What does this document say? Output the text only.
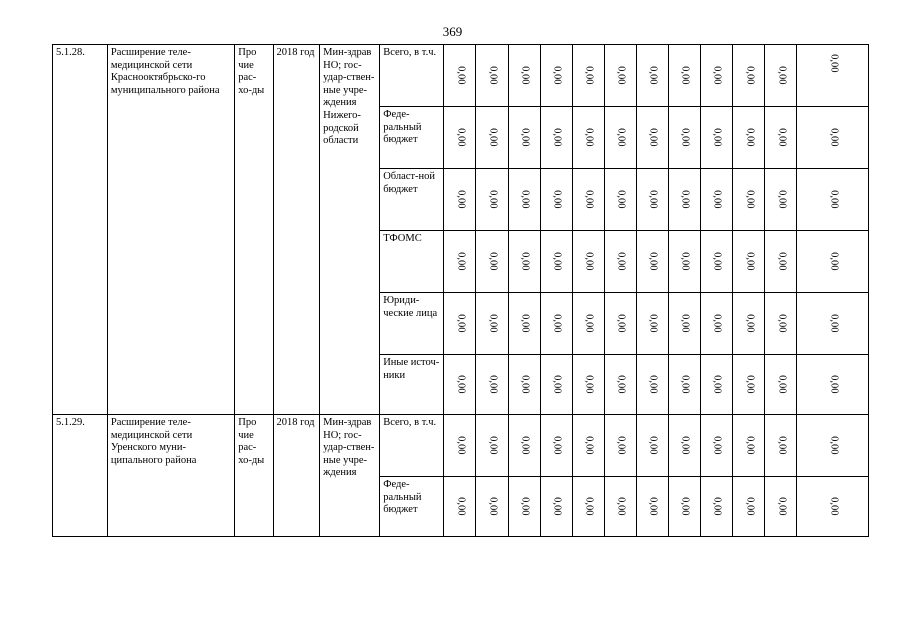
369
5.1.28.	Расширение теле-медицинской сети Краснооктябрьско-го муниципального района	Про чие рас-хо-ды	2018 год	Мин-здрав НО; гос-удар-ствен-ные учре-ждения Нижего-родской области	Всего, в т.ч.	0,00	0,00	0,00	0,00	0,00	0,00	0,00	0,00	0,00	0,00	0,00	0,00

					Феде-ральный бюджет	0,00	0,00	0,00	0,00	0,00	0,00	0,00	0,00	0,00	0,00	0,00	0,00

					Област-ной бюджет	0,00	0,00	0,00	0,00	0,00	0,00	0,00	0,00	0,00	0,00	0,00	0,00

					ТФОМС	0,00	0,00	0,00	0,00	0,00	0,00	0,00	0,00	0,00	0,00	0,00	0,00

					Юриди-ческие лица	0,00	0,00	0,00	0,00	0,00	0,00	0,00	0,00	0,00	0,00	0,00	0,00

					Иные источ-ники	0,00	0,00	0,00	0,00	0,00	0,00	0,00	0,00	0,00	0,00	0,00	0,00

5.1.29.	Расширение теле-медицинской сети Уренского муни-ципального района	Про чие рас-хо-ды	2018 год	Мин-здрав НО; гос-удар-ствен-ные учре-ждения	Всего, в т.ч.	0,00	0,00	0,00	0,00	0,00	0,00	0,00	0,00	0,00	0,00	0,00	0,00

					Феде-ральный бюджет	0,00	0,00	0,00	0,00	0,00	0,00	0,00	0,00	0,00	0,00	0,00	0,00
